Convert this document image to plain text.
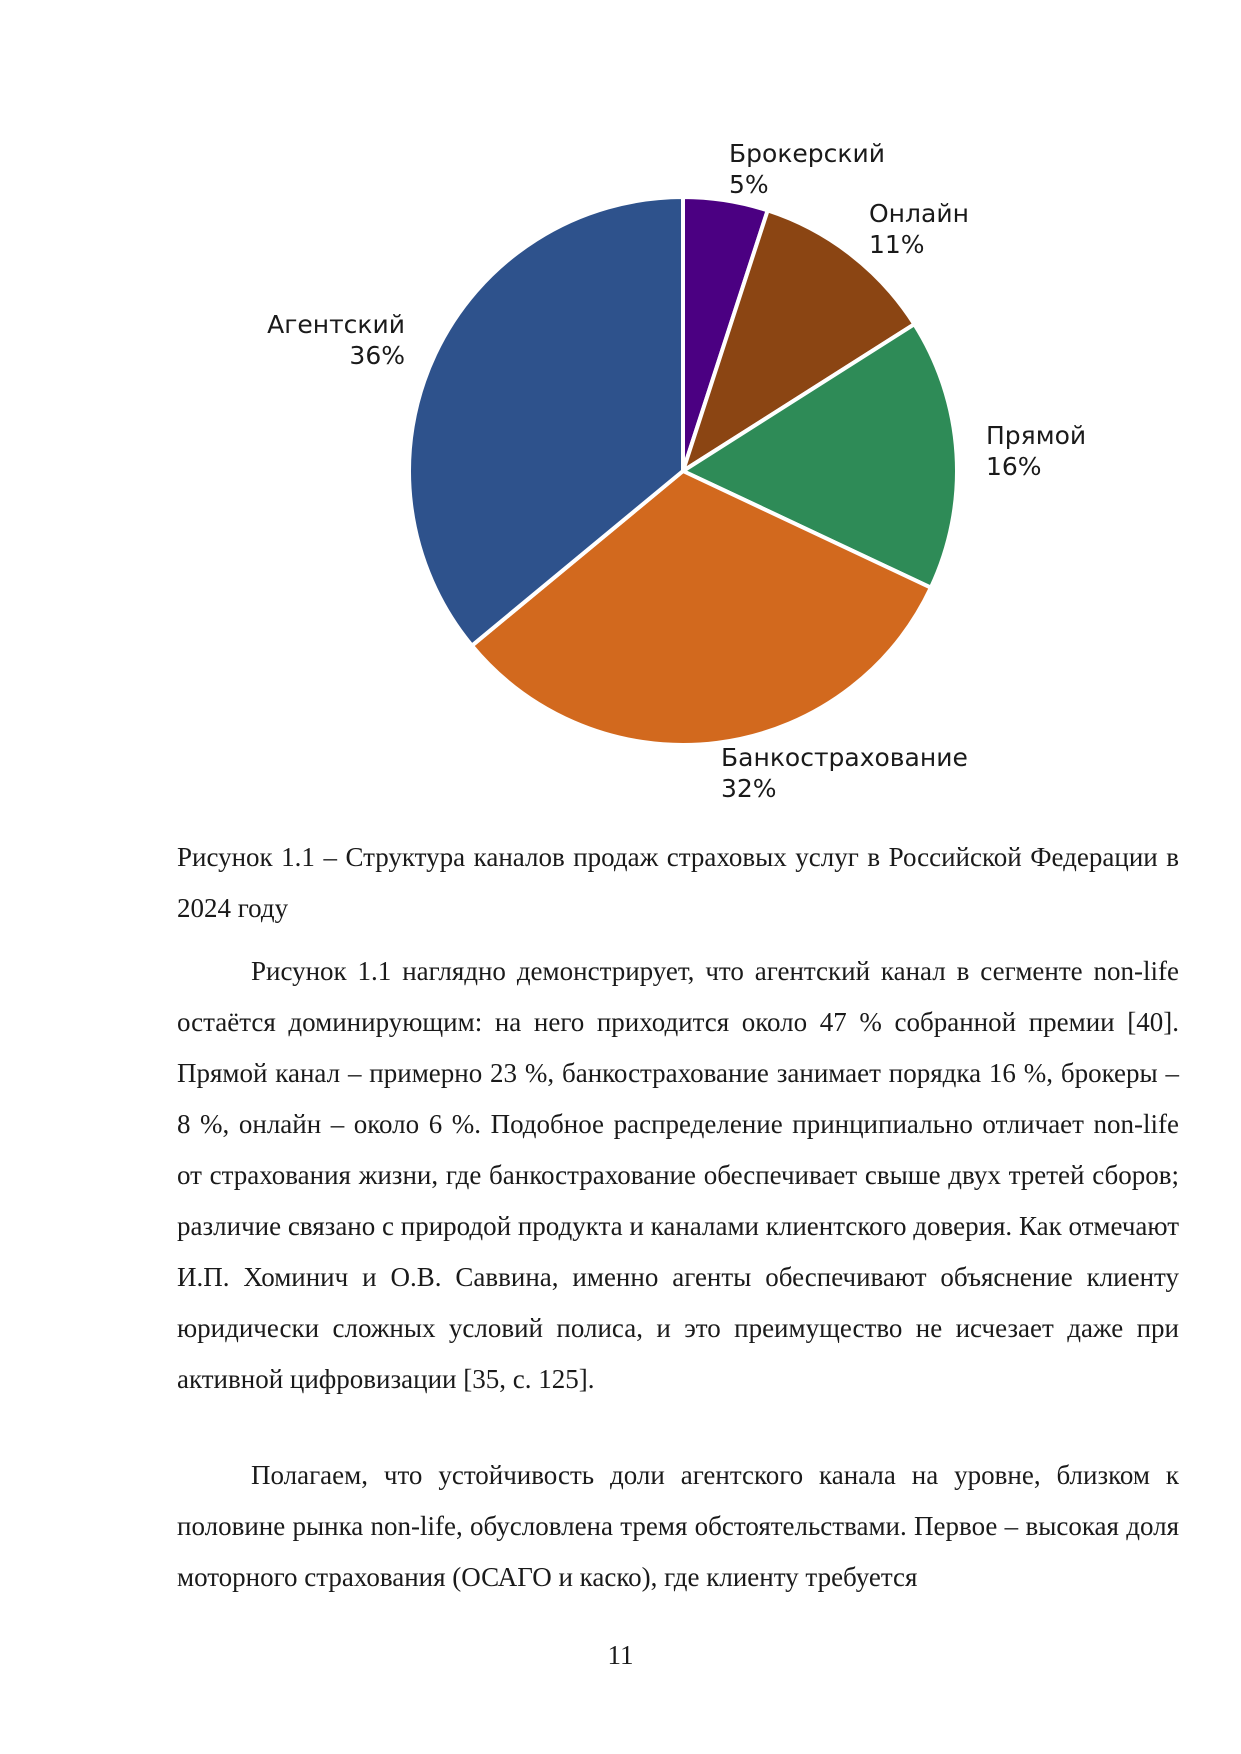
Брокерский 5%
Онлайн 11%
Прямой 16%
Банкострахование 32%
Агентский 36%

Рисунок 1.1 – Структура каналов продаж страховых услуг в Российской Федерации в 2024 году

Рисунок 1.1 наглядно демонстрирует, что агентский канал в сегменте non-life остаётся доминирующим: на него приходится около 47 % собранной премии [40]. Прямой канал – примерно 23 %, банкострахование занимает порядка 16 %, брокеры – 8 %, онлайн – около 6 %. Подобное распределение принципиально отличает non-life от страхования жизни, где банкострахование обеспечивает свыше двух третей сборов; различие связано с природой продукта и каналами клиентского доверия. Как отмечают И.П. Хоминич и О.В. Саввина, именно агенты обеспечивают объяснение клиенту юридически сложных условий полиса, и это преимущество не исчезает даже при активной цифровизации [35, с. 125].

Полагаем, что устойчивость доли агентского канала на уровне, близком к половине рынка non-life, обусловлена тремя обстоятельствами. Первое – высокая доля моторного страхования (ОСАГО и каско), где клиенту требуется

11
